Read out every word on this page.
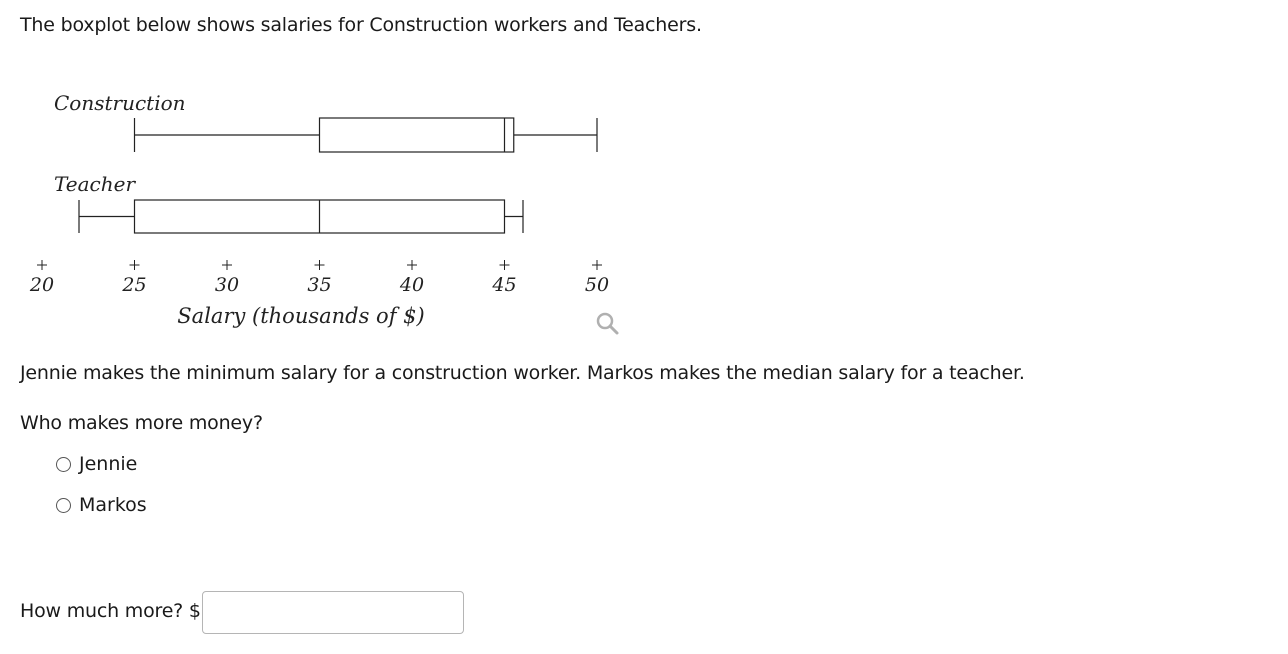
The boxplot below shows salaries for Construction workers and Teachers.

Construction
Teacher
20	25	30	35	40	45	50
Salary (thousands of $)

Jennie makes the minimum salary for a construction worker. Markos makes the median salary for a teacher.

Who makes more money?

Jennie
Markos
How much more? $
